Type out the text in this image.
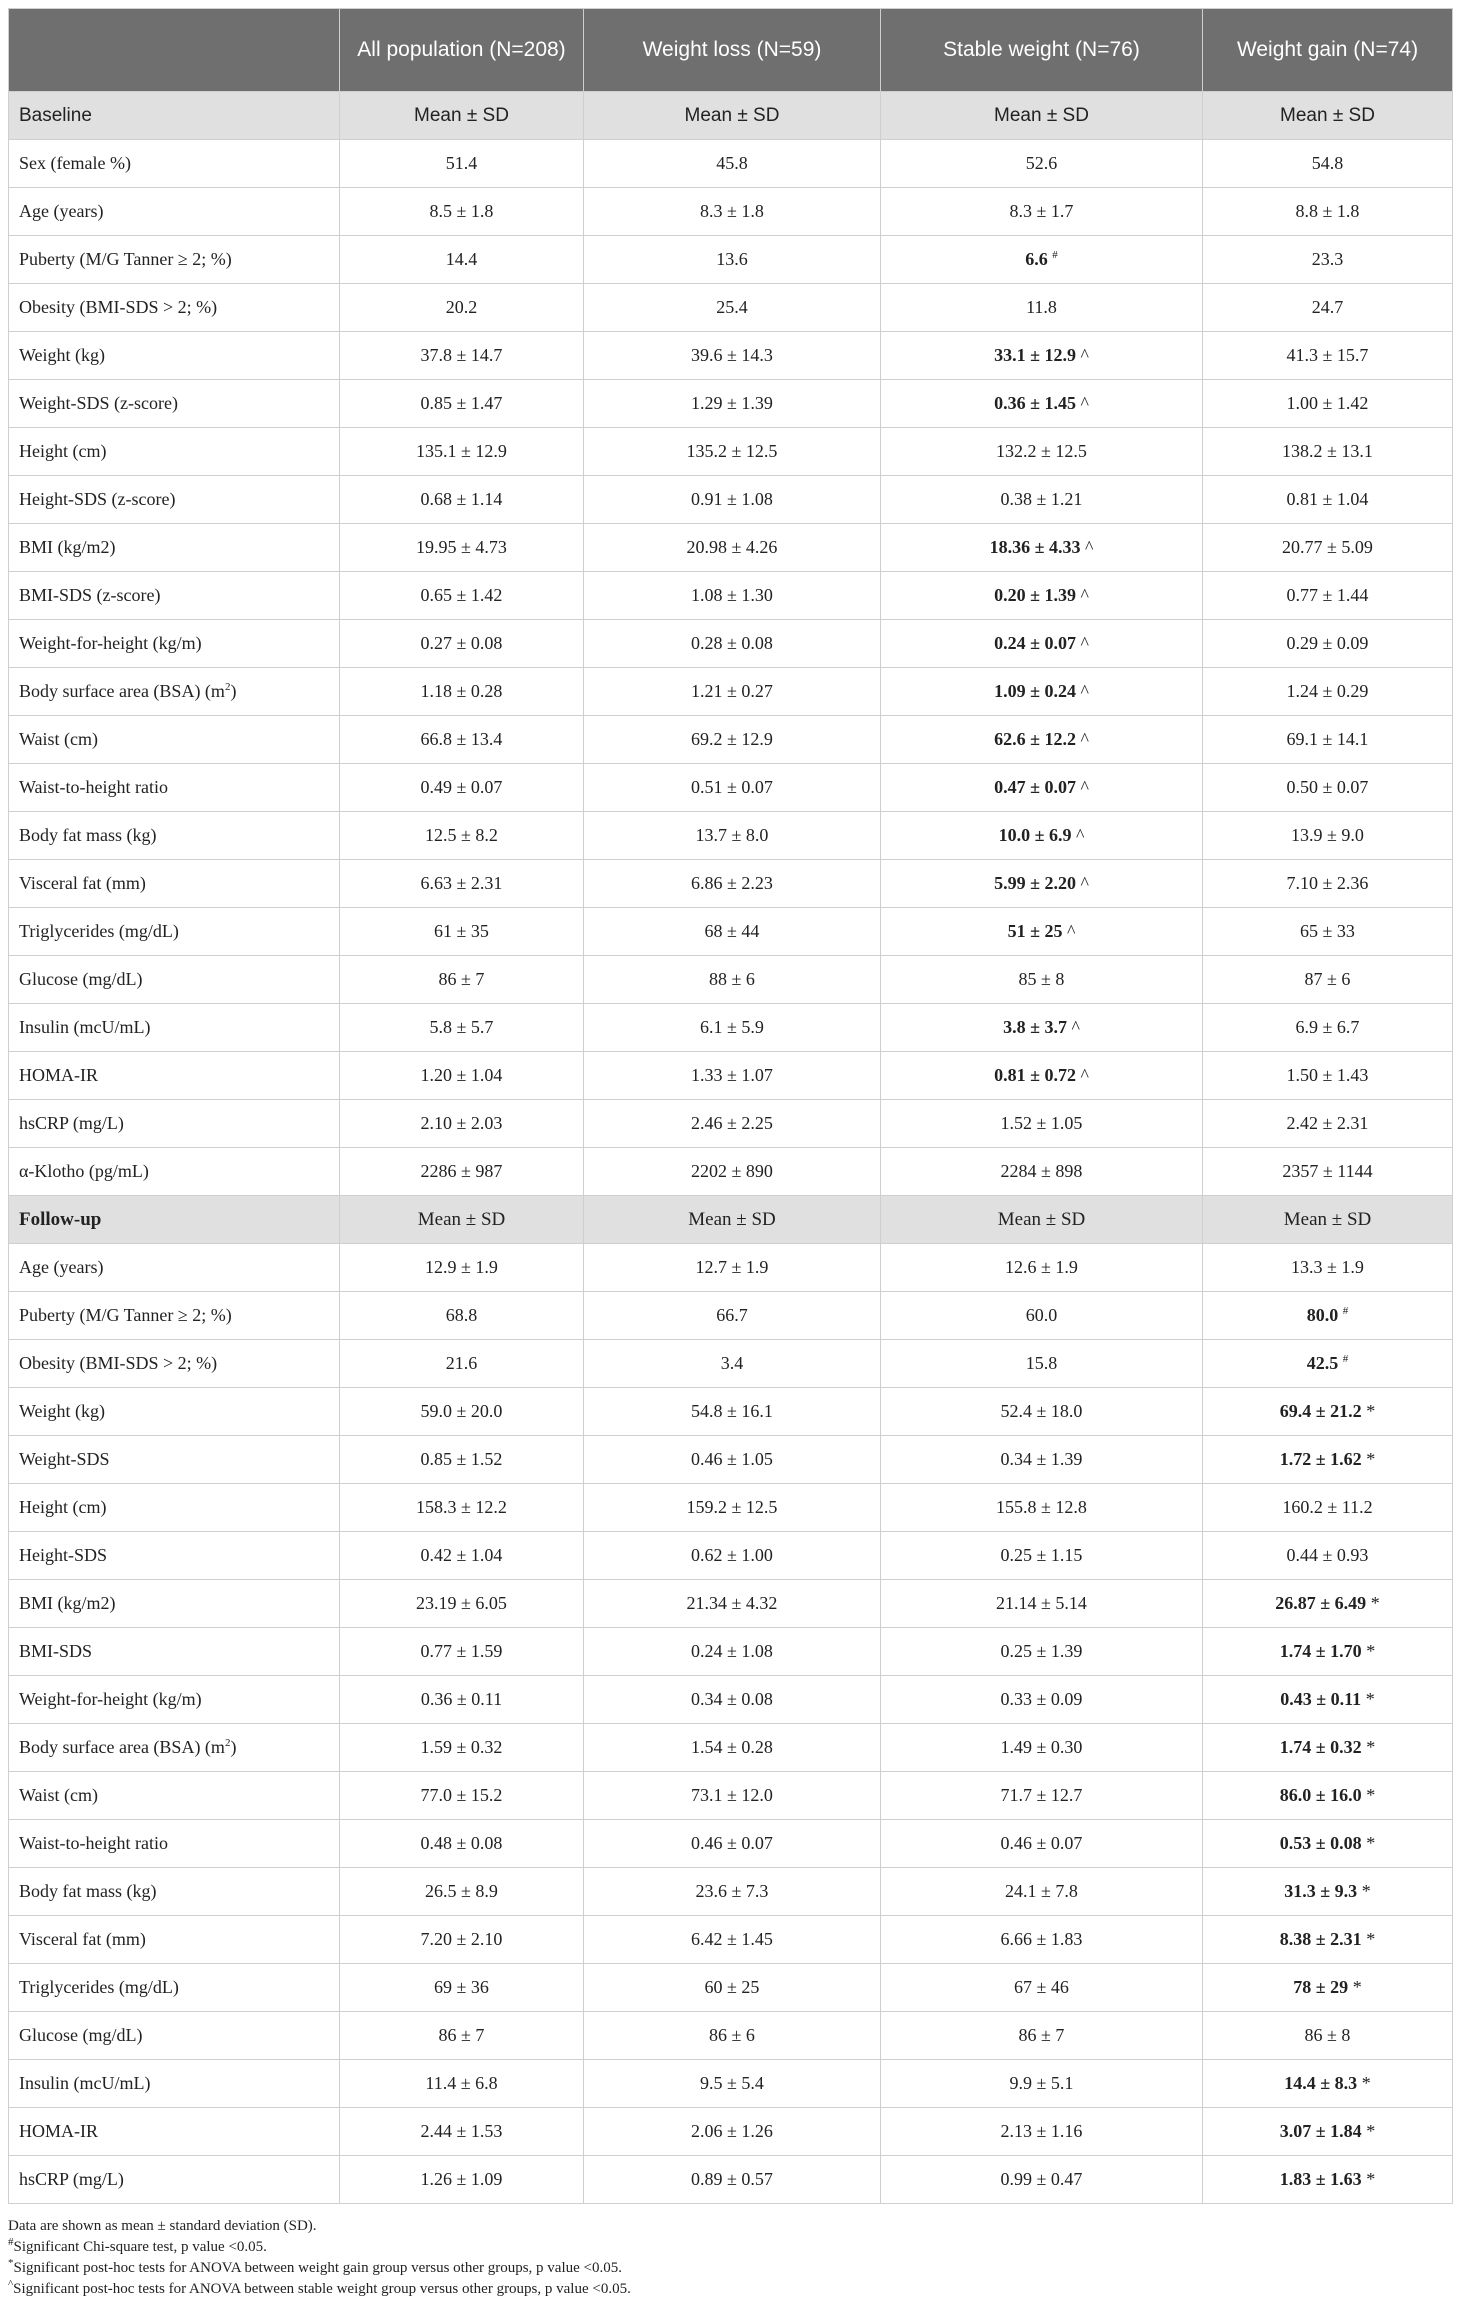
	All population (N=208)	Weight loss (N=59)	Stable weight (N=76)	Weight gain (N=74)
Baseline	Mean ± SD	Mean ± SD	Mean ± SD	Mean ± SD
Sex (female %)	51.4	45.8	52.6	54.8
Age (years)	8.5 ± 1.8	8.3 ± 1.8	8.3 ± 1.7	8.8 ± 1.8
Puberty (M/G Tanner ≥ 2; %)	14.4	13.6	6.6 #	23.3
Obesity (BMI-SDS > 2; %)	20.2	25.4	11.8	24.7
Weight (kg)	37.8 ± 14.7	39.6 ± 14.3	33.1 ± 12.9 ^	41.3 ± 15.7
Weight-SDS (z-score)	0.85 ± 1.47	1.29 ± 1.39	0.36 ± 1.45 ^	1.00 ± 1.42
Height (cm)	135.1 ± 12.9	135.2 ± 12.5	132.2 ± 12.5	138.2 ± 13.1
Height-SDS (z-score)	0.68 ± 1.14	0.91 ± 1.08	0.38 ± 1.21	0.81 ± 1.04
BMI (kg/m2)	19.95 ± 4.73	20.98 ± 4.26	18.36 ± 4.33 ^	20.77 ± 5.09
BMI-SDS (z-score)	0.65 ± 1.42	1.08 ± 1.30	0.20 ± 1.39 ^	0.77 ± 1.44
Weight-for-height (kg/m)	0.27 ± 0.08	0.28 ± 0.08	0.24 ± 0.07 ^	0.29 ± 0.09
Body surface area (BSA) $(m^2)$	1.18 ± 0.28	1.21 ± 0.27	1.09 ± 0.24 ^	1.24 ± 0.29
Waist (cm)	66.8 ± 13.4	69.2 ± 12.9	62.6 ± 12.2 ^	69.1 ± 14.1
Waist-to-height ratio	0.49 ± 0.07	0.51 ± 0.07	0.47 ± 0.07 ^	0.50 ± 0.07
Body fat mass (kg)	12.5 ± 8.2	13.7 ± 8.0	10.0 ± 6.9 ^	13.9 ± 9.0
Visceral fat (mm)	6.63 ± 2.31	6.86 ± 2.23	5.99 ± 2.20 ^	7.10 ± 2.36
Triglycerides (mg/dL)	61 ± 35	68 ± 44	51 ± 25 ^	65 ± 33
Glucose (mg/dL)	86 ± 7	88 ± 6	85 ± 8	87 ± 6
Insulin (mcU/mL)	5.8 ± 5.7	6.1 ± 5.9	3.8 ± 3.7 ^	6.9 ± 6.7
HOMA-IR	1.20 ± 1.04	1.33 ± 1.07	0.81 ± 0.72 ^	1.50 ± 1.43
hsCRP (mg/L)	2.10 ± 2.03	2.46 ± 2.25	1.52 ± 1.05	2.42 ± 2.31
α-Klotho (pg/mL)	2286 ± 987	2202 ± 890	2284 ± 898	2357 ± 1144
Follow-up	Mean ± SD	Mean ± SD	Mean ± SD	Mean ± SD
Age (years)	12.9 ± 1.9	12.7 ± 1.9	12.6 ± 1.9	13.3 ± 1.9
Puberty (M/G Tanner ≥ 2; %)	68.8	66.7	60.0	80.0 #
Obesity (BMI-SDS > 2; %)	21.6	3.4	15.8	42.5 #
Weight (kg)	59.0 ± 20.0	54.8 ± 16.1	52.4 ± 18.0	69.4 ± 21.2 *
Weight-SDS	0.85 ± 1.52	0.46 ± 1.05	0.34 ± 1.39	1.72 ± 1.62 *
Height (cm)	158.3 ± 12.2	159.2 ± 12.5	155.8 ± 12.8	160.2 ± 11.2
Height-SDS	0.42 ± 1.04	0.62 ± 1.00	0.25 ± 1.15	0.44 ± 0.93
BMI (kg/m2)	23.19 ± 6.05	21.34 ± 4.32	21.14 ± 5.14	26.87 ± 6.49 *
BMI-SDS	0.77 ± 1.59	0.24 ± 1.08	0.25 ± 1.39	1.74 ± 1.70 *
Weight-for-height (kg/m)	0.36 ± 0.11	0.34 ± 0.08	0.33 ± 0.09	0.43 ± 0.11 *
Body surface area (BSA) $(m^2)$	1.59 ± 0.32	1.54 ± 0.28	1.49 ± 0.30	1.74 ± 0.32 *
Waist (cm)	77.0 ± 15.2	73.1 ± 12.0	71.7 ± 12.7	86.0 ± 16.0 *
Waist-to-height ratio	0.48 ± 0.08	0.46 ± 0.07	0.46 ± 0.07	0.53 ± 0.08 *
Body fat mass (kg)	26.5 ± 8.9	23.6 ± 7.3	24.1 ± 7.8	31.3 ± 9.3 *
Visceral fat (mm)	7.20 ± 2.10	6.42 ± 1.45	6.66 ± 1.83	8.38 ± 2.31 *
Triglycerides (mg/dL)	69 ± 36	60 ± 25	67 ± 46	78 ± 29 *
Glucose (mg/dL)	86 ± 7	86 ± 6	86 ± 7	86 ± 8
Insulin (mcU/mL)	11.4 ± 6.8	9.5 ± 5.4	9.9 ± 5.1	14.4 ± 8.3 *
HOMA-IR	2.44 ± 1.53	2.06 ± 1.26	2.13 ± 1.16	3.07 ± 1.84 *
hsCRP (mg/L)	1.26 ± 1.09	0.89 ± 0.57	0.99 ± 0.47	1.83 ± 1.63 *

Data are shown as mean ± standard deviation (SD).

#Significant Chi-square test, p value <0.05.

*Significant post-hoc tests for ANOVA between weight gain group versus other groups, p value <0.05.

^Significant post-hoc tests for ANOVA between stable weight group versus other groups, p value <0.05.
